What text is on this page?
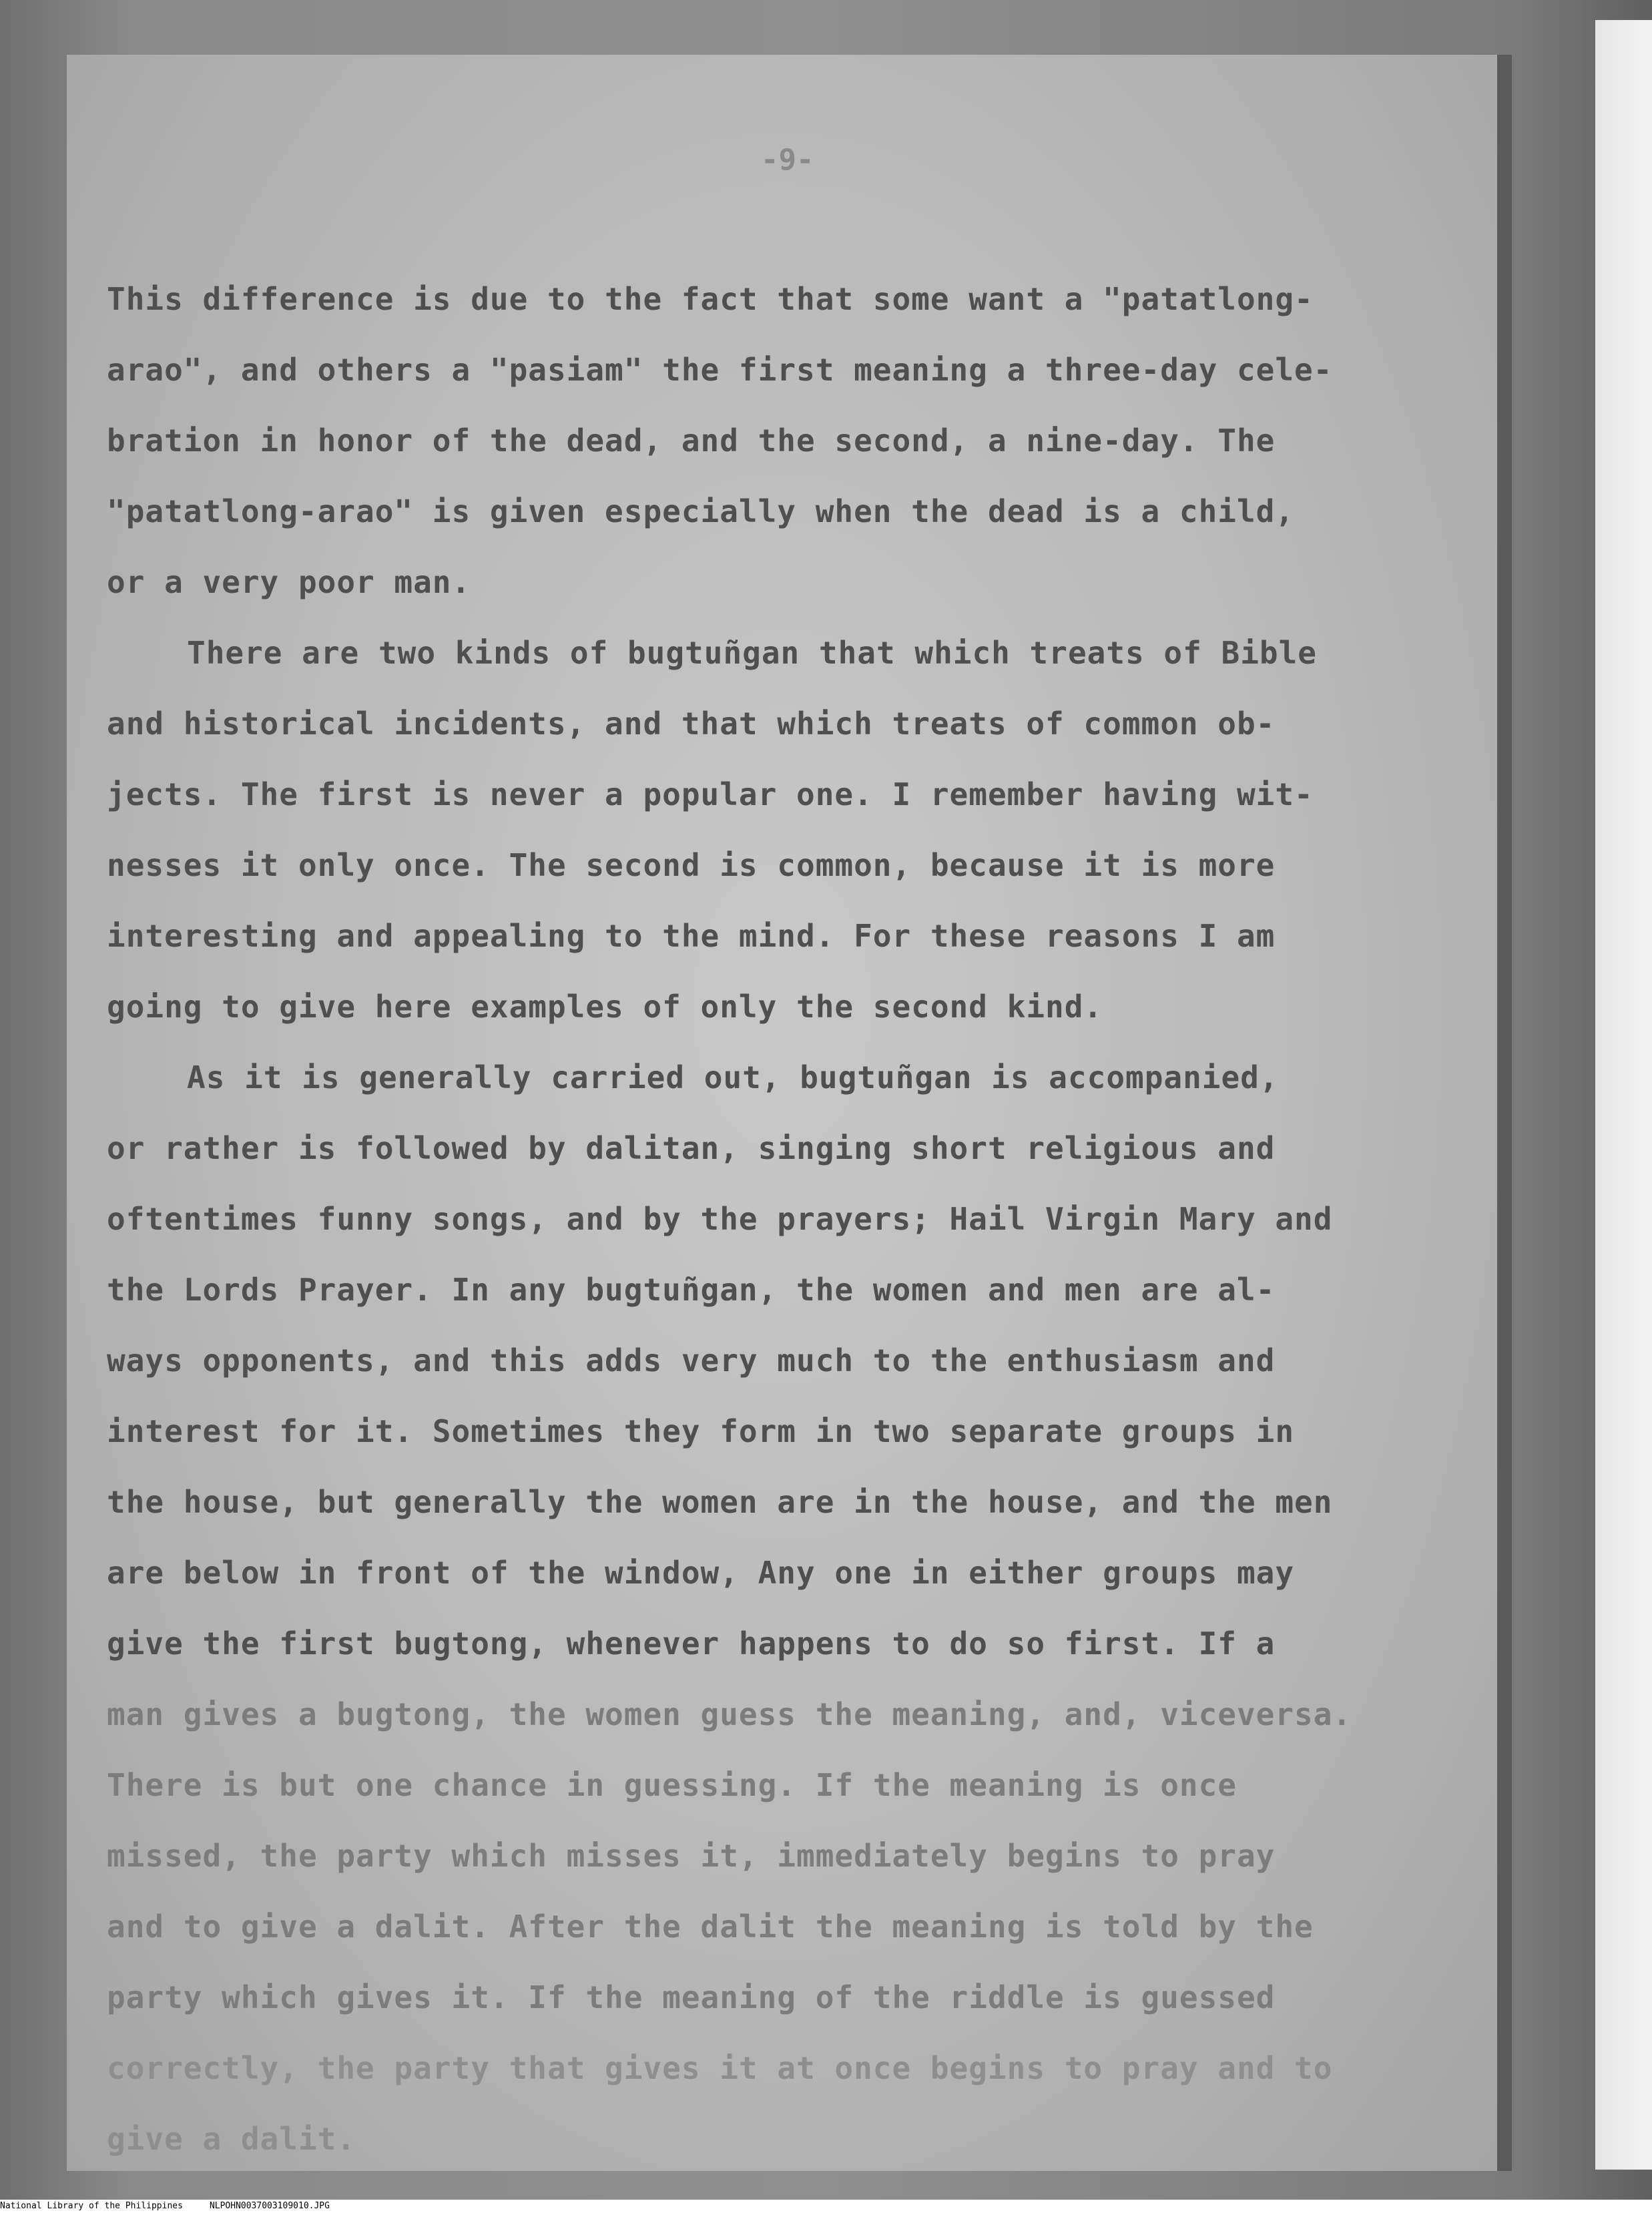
-9-
This difference is due to the fact that some want a "patatlong-
arao", and others a "pasiam" the first meaning a three-day cele-
bration in honor of the dead, and the second, a nine-day. The
"patatlong-arao" is given especially when the dead is a child,
or a very poor man.
There are two kinds of bugtuñgan that which treats of Bible
and historical incidents, and that which treats of common ob-
jects. The first is never a popular one. I remember having wit-
nesses it only once. The second is common, because it is more
interesting and appealing to the mind. For these reasons I am
going to give here examples of only the second kind.
As it is generally carried out, bugtuñgan is accompanied,
or rather is followed by dalitan, singing short religious and
oftentimes funny songs, and by the prayers; Hail Virgin Mary and
the Lords Prayer. In any bugtuñgan, the women and men are al-
ways opponents, and this adds very much to the enthusiasm and
interest for it. Sometimes they form in two separate groups in
the house, but generally the women are in the house, and the men
are below in front of the window, Any one in either groups may
give the first bugtong, whenever happens to do so first. If a
man gives a bugtong, the women guess the meaning, and, viceversa.
There is but one chance in guessing. If the meaning is once
missed, the party which misses it, immediately begins to pray
and to give a dalit. After the dalit the meaning is told by the
party which gives it. If the meaning of the riddle is guessed
correctly, the party that gives it at once begins to pray and to
give a dalit.
National Library of the Philippines	NLPOHN0037003109010.JPG
